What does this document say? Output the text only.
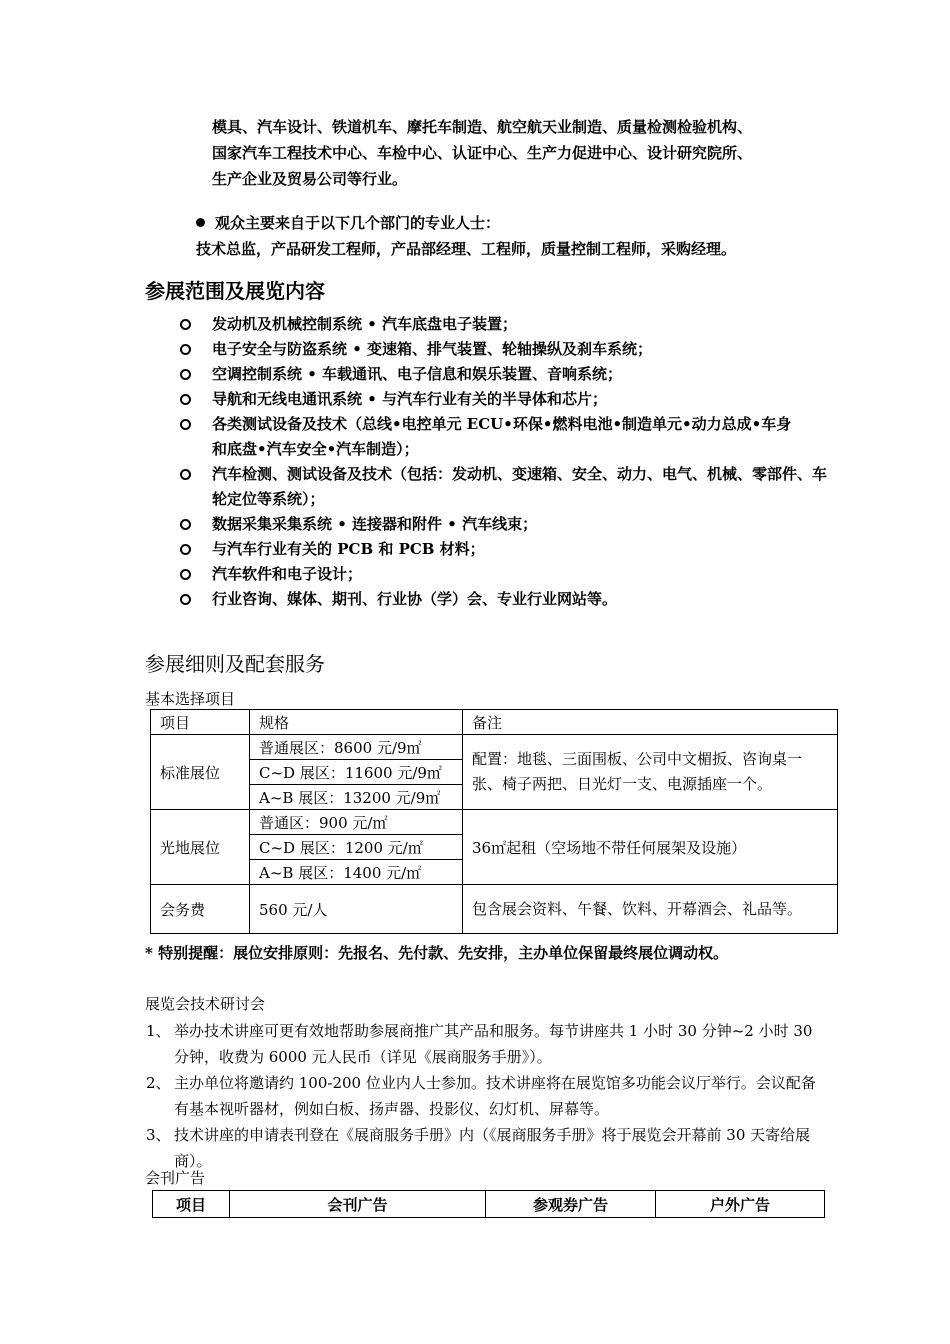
模具、汽车设计、铁道机车、摩托车制造、航空航天业制造、质量检测检验机构、
国家汽车工程技术中心、车检中心、认证中心、生产力促进中心、设计研究院所、
生产企业及贸易公司等行业。
观众主要来自于以下几个部门的专业人士：
技术总监，产品研发工程师，产品部经理、工程师，质量控制工程师，采购经理。
参展范围及展览内容
发动机及机械控制系统 • 汽车底盘电子装置；
电子安全与防盗系统 • 变速箱、排气装置、轮轴操纵及刹车系统；
空调控制系统 • 车载通讯、电子信息和娱乐装置、音响系统；
导航和无线电通讯系统 • 与汽车行业有关的半导体和芯片；
各类测试设备及技术（总线•电控单元 ECU•环保•燃料电池•制造单元•动力总成•车身和底盘•汽车安全•汽车制造）；
汽车检测、测试设备及技术（包括：发动机、变速箱、安全、动力、电气、机械、零部件、车轮定位等系统）；
数据采集采集系统 • 连接器和附件 • 汽车线束；
与汽车行业有关的 PCB 和 PCB 材料；
汽车软件和电子设计；
行业咨询、媒体、期刊、行业协（学）会、专业行业网站等。
参展细则及配套服务
基本选择项目
项目	规格	备注
标准展位	普通展区：8600 元/9㎡	配置：地毯、三面围板、公司中文楣扳、咨询桌一张、椅子两把、日光灯一支、电源插座一个。
	C~D 展区：11600 元/9㎡	
	A~B 展区：13200 元/9㎡	
光地展位	普通区：900 元/㎡	36㎡起租（空场地不带任何展架及设施）
	C~D 展区：1200 元/㎡	
	A~B 展区：1400 元/㎡	
会务费	560 元/人	包含展会资料、午餐、饮料、开幕酒会、礼品等。
* 特别提醒：展位安排原则：先报名、先付款、先安排，主办单位保留最终展位调动权。
展览会技术研讨会
1、 举办技术讲座可更有效地帮助参展商推广其产品和服务。每节讲座共 1 小时 30 分钟~2 小时 30 分钟，收费为 6000 元人民币（详见《展商服务手册》）。
2、 主办单位将邀请约 100-200 位业内人士参加。技术讲座将在展览馆多功能会议厅举行。会议配备有基本视听器材，例如白板、扬声器、投影仪、幻灯机、屏幕等。
3、 技术讲座的申请表刊登在《展商服务手册》内（《展商服务手册》将于展览会开幕前 30 天寄给展商）。
会刊广告
项目	会刊广告	参观券广告	户外广告
